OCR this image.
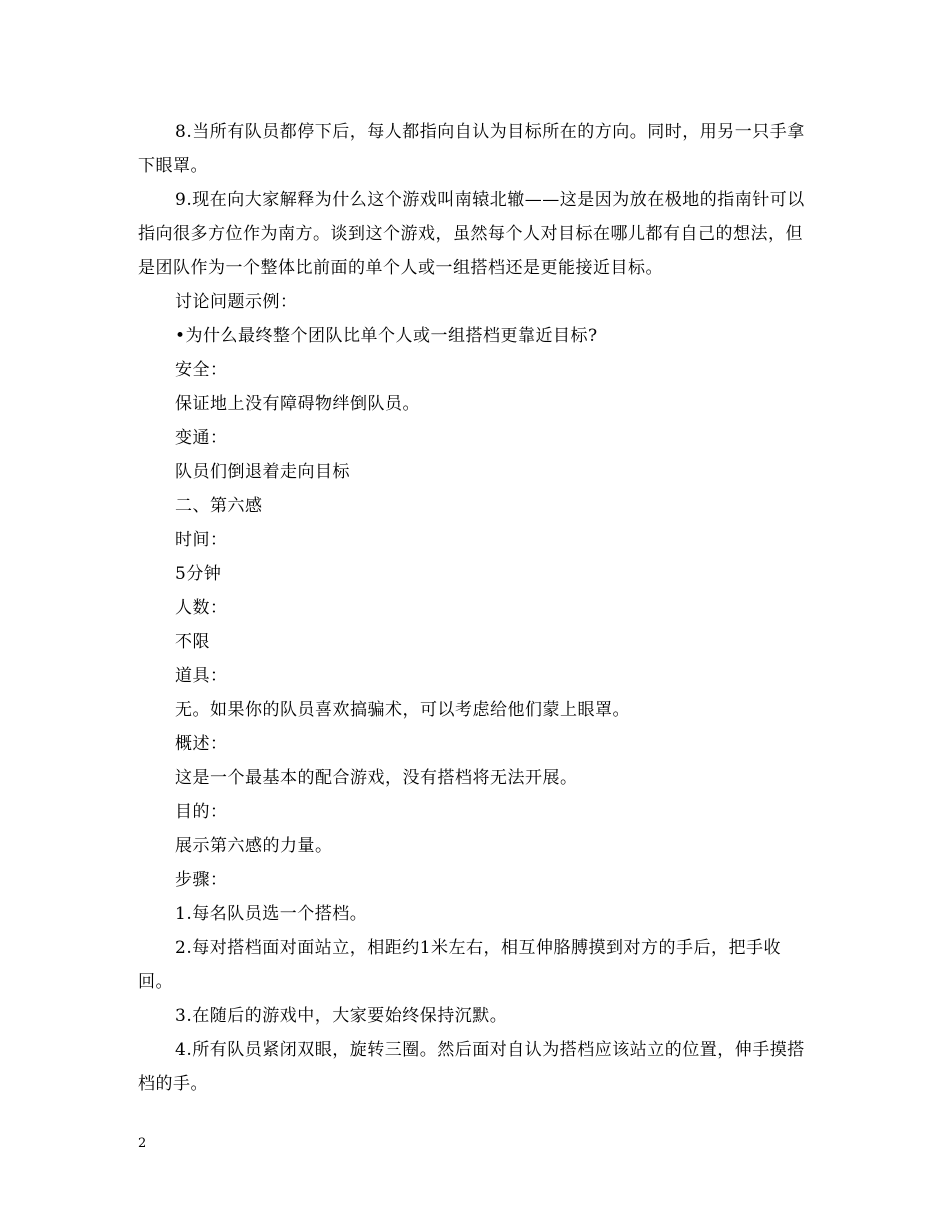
8.当所有队员都停下后，每人都指向自认为目标所在的方向。同时，用另一只手拿下眼罩。

9.现在向大家解释为什么这个游戏叫南辕北辙——这是因为放在极地的指南针可以指向很多方位作为南方。谈到这个游戏，虽然每个人对目标在哪儿都有自己的想法，但是团队作为一个整体比前面的单个人或一组搭档还是更能接近目标。

讨论问题示例：

•为什么最终整个团队比单个人或一组搭档更靠近目标?

安全：

保证地上没有障碍物绊倒队员。

变通：

队员们倒退着走向目标

二、第六感

时间：

5分钟

人数：

不限

道具：

无。如果你的队员喜欢搞骗术，可以考虑给他们蒙上眼罩。

概述：

这是一个最基本的配合游戏，没有搭档将无法开展。

目的：

展示第六感的力量。

步骤：

1.每名队员选一个搭档。

2.每对搭档面对面站立，相距约1米左右，相互伸胳膊摸到对方的手后，把手收回。

3.在随后的游戏中，大家要始终保持沉默。

4.所有队员紧闭双眼，旋转三圈。然后面对自认为搭档应该站立的位置，伸手摸搭档的手。

2
